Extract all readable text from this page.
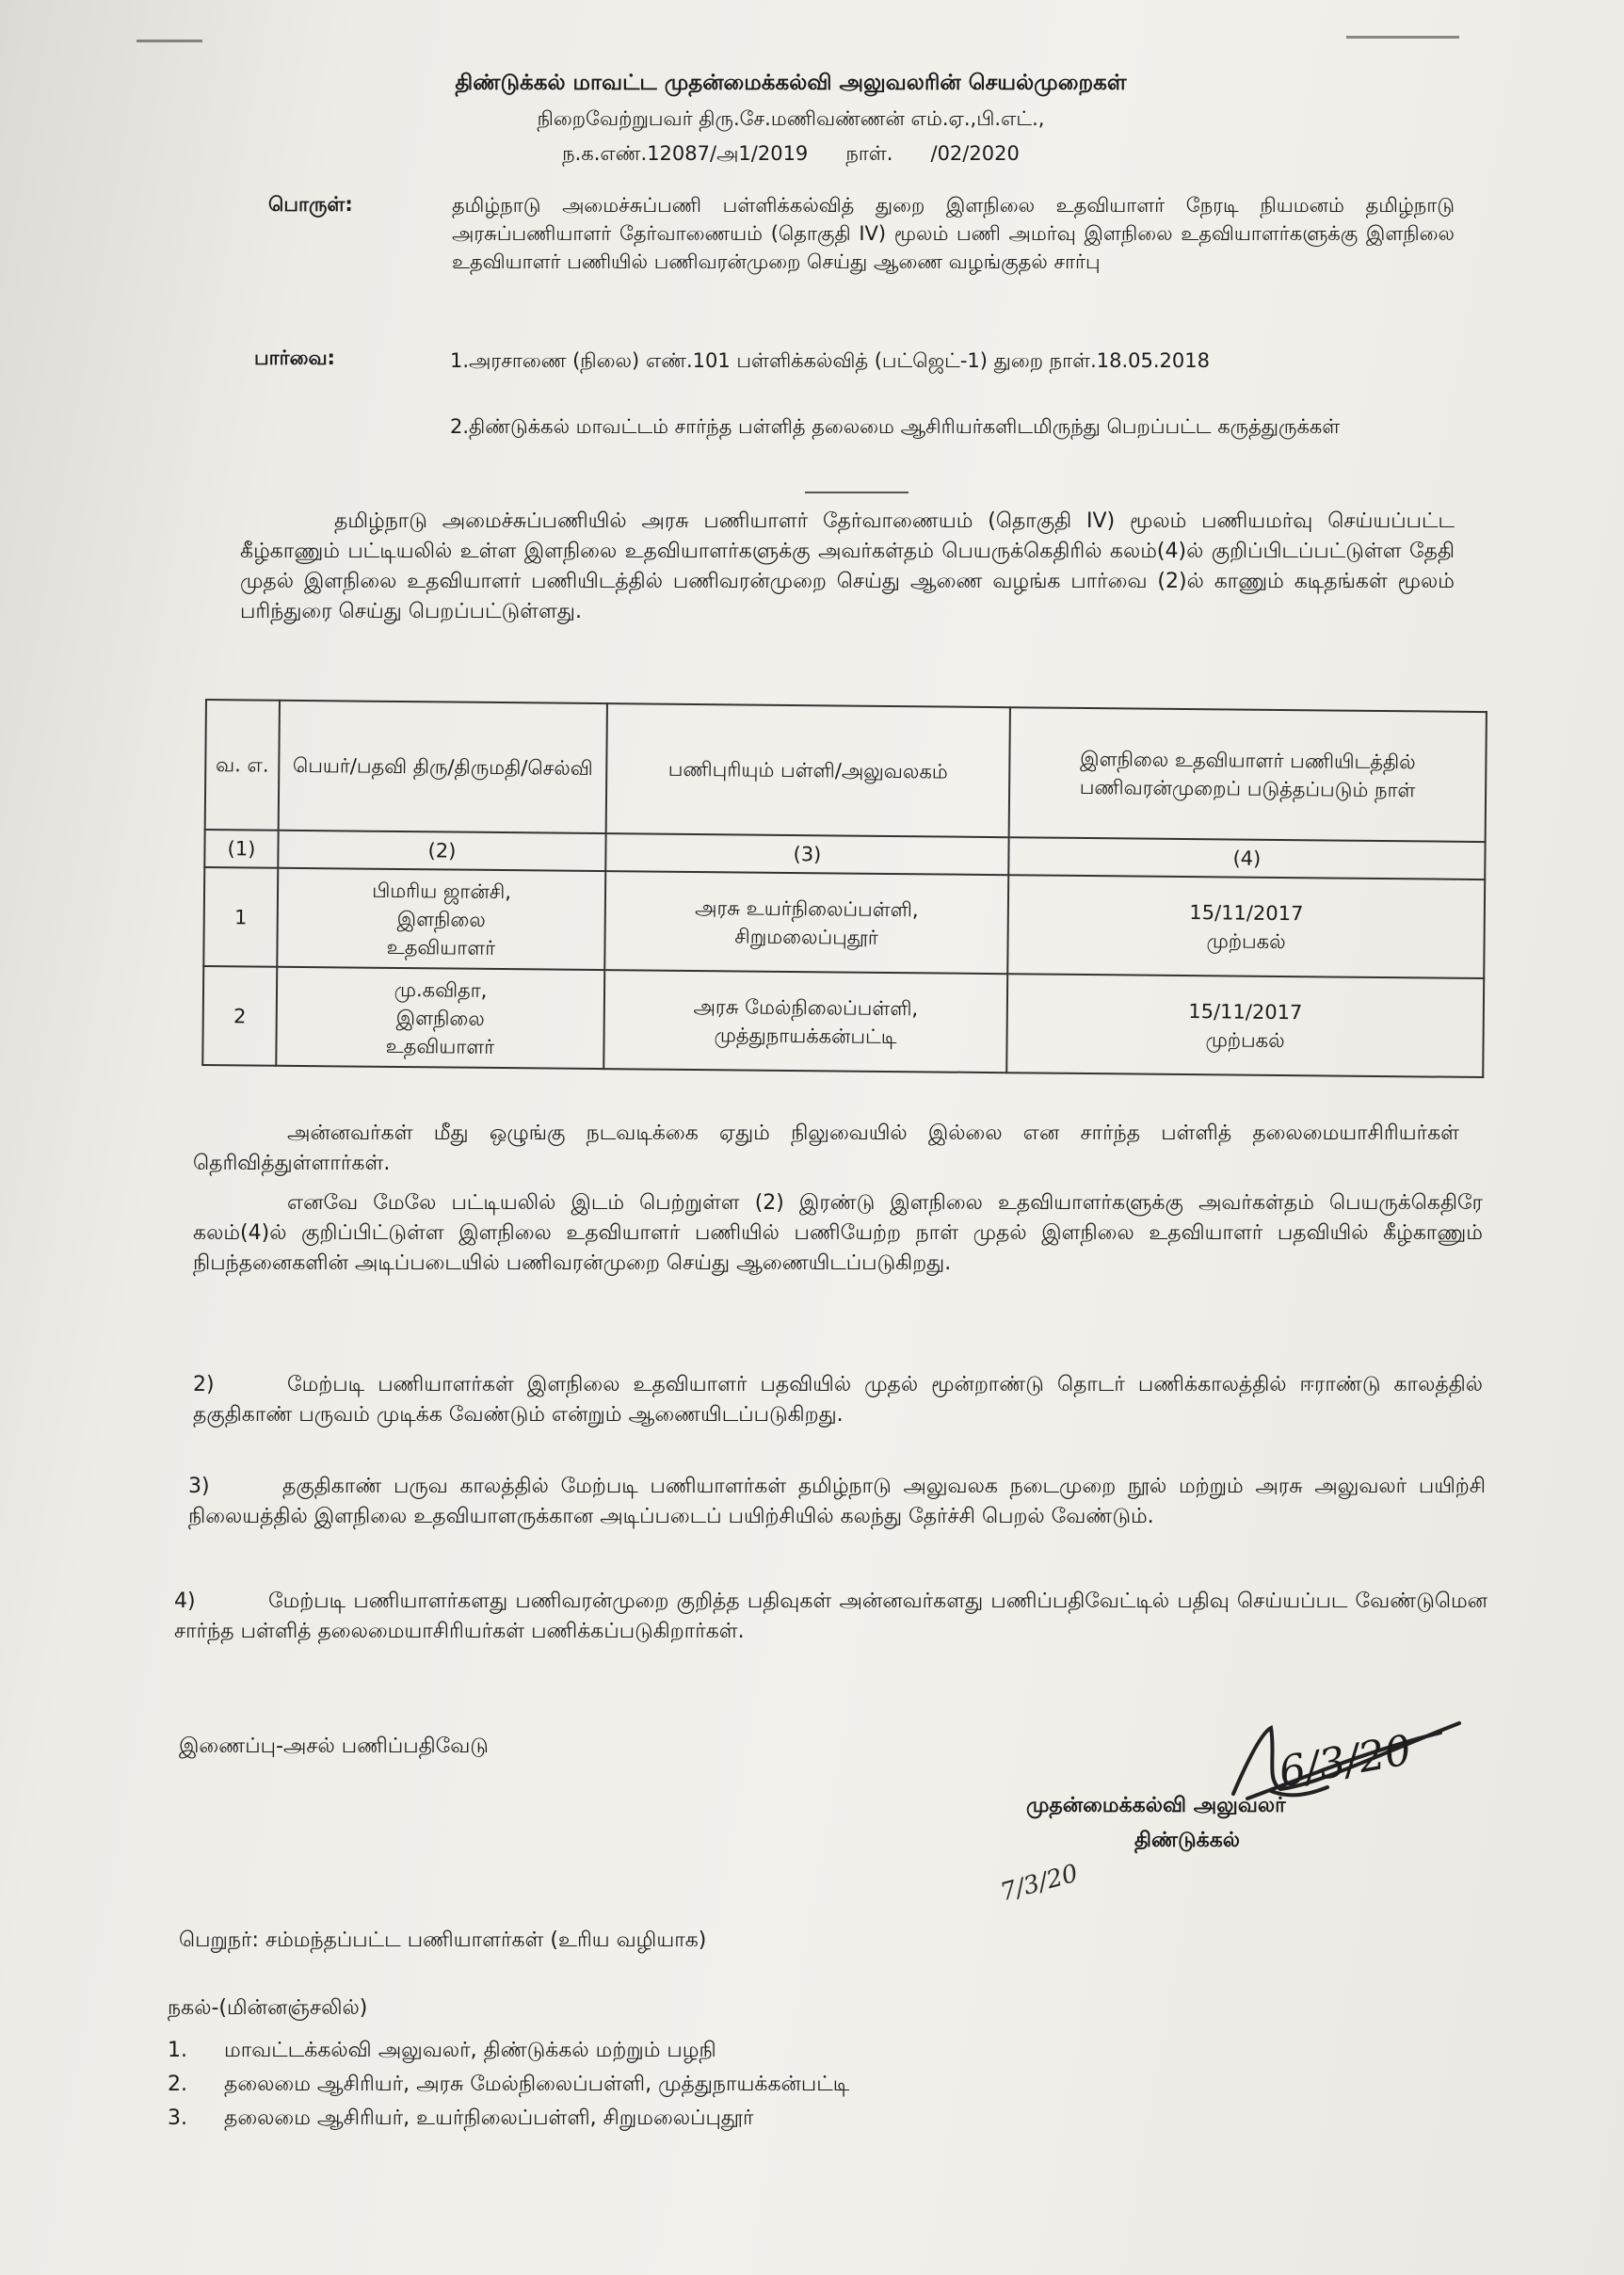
திண்டுக்கல் மாவட்ட முதன்மைக்கல்வி அலுவலரின் செயல்முறைகள்
நிறைவேற்றுபவர் திரு.சே.மணிவண்ணன் எம்.ஏ.,பி.எட்.,
ந.க.எண்.12087/அ1/2019 நாள். /02/2020
பொருள்:	தமிழ்நாடு அமைச்சுப்பணி பள்ளிக்கல்வித் துறை இளநிலை உதவியாளர் நேரடி நியமனம் தமிழ்நாடு அரசுப்பணியாளர் தேர்வாணையம் (தொகுதி IV) மூலம் பணி அமர்வு இளநிலை உதவியாளர்களுக்கு இளநிலை உதவியாளர் பணியில் பணிவரன்முறை செய்து ஆணை வழங்குதல் சார்பு
பார்வை:	1.அரசாணை (நிலை) எண்.101 பள்ளிக்கல்வித் (பட்ஜெட்-1) துறை நாள்.18.05.2018
2.திண்டுக்கல் மாவட்டம் சார்ந்த பள்ளித் தலைமை ஆசிரியர்களிடமிருந்து பெறப்பட்ட கருத்துருக்கள்
தமிழ்நாடு அமைச்சுப்பணியில் அரசு பணியாளர் தேர்வாணையம் (தொகுதி IV) மூலம் பணியமர்வு செய்யப்பட்ட கீழ்காணும் பட்டியலில் உள்ள இளநிலை உதவியாளர்களுக்கு அவர்கள்தம் பெயருக்கெதிரில் கலம்(4)ல் குறிப்பிடப்பட்டுள்ள தேதி முதல் இளநிலை உதவியாளர் பணியிடத்தில் பணிவரன்முறை செய்து ஆணை வழங்க பார்வை (2)ல் காணும் கடிதங்கள் மூலம் பரிந்துரை செய்து பெறப்பட்டுள்ளது.
வ. எ.	பெயர்/பதவி திரு/திருமதி/செல்வி	பணிபுரியும் பள்ளி/அலுவலகம்	இளநிலை உதவியாளர் பணியிடத்தில் பணிவரன்முறைப் படுத்தப்படும் நாள்
(1)	(2)	(3)	(4)
1	பிமரிய ஜான்சி,
இளநிலை
உதவியாளர்	அரசு உயர்நிலைப்பள்ளி,
சிறுமலைப்புதூர்	15/11/2017
முற்பகல்
2	மு.கவிதா,
இளநிலை
உதவியாளர்	அரசு மேல்நிலைப்பள்ளி,
முத்துநாயக்கன்பட்டி	15/11/2017
முற்பகல்
அன்னவர்கள் மீது ஒழுங்கு நடவடிக்கை ஏதும் நிலுவையில் இல்லை என சார்ந்த பள்ளித் தலைமையாசிரியர்கள் தெரிவித்துள்ளார்கள்.
எனவே மேலே பட்டியலில் இடம் பெற்றுள்ள (2) இரண்டு இளநிலை உதவியாளர்களுக்கு அவர்கள்தம் பெயருக்கெதிரே கலம்(4)ல் குறிப்பிட்டுள்ள இளநிலை உதவியாளர் பணியில் பணியேற்ற நாள் முதல் இளநிலை உதவியாளர் பதவியில் கீழ்காணும் நிபந்தனைகளின் அடிப்படையில் பணிவரன்முறை செய்து ஆணையிடப்படுகிறது.
2)	மேற்படி பணியாளர்கள் இளநிலை உதவியாளர் பதவியில் முதல் மூன்றாண்டு தொடர் பணிக்காலத்தில் ஈராண்டு காலத்தில் தகுதிகாண் பருவம் முடிக்க வேண்டும் என்றும் ஆணையிடப்படுகிறது.
3)	தகுதிகாண் பருவ காலத்தில் மேற்படி பணியாளர்கள் தமிழ்நாடு அலுவலக நடைமுறை நூல் மற்றும் அரசு அலுவலர் பயிற்சி நிலையத்தில் இளநிலை உதவியாளருக்கான அடிப்படைப் பயிற்சியில் கலந்து தேர்ச்சி பெறல் வேண்டும்.
4)	மேற்படி பணியாளர்களது பணிவரன்முறை குறித்த பதிவுகள் அன்னவர்களது பணிப்பதிவேட்டில் பதிவு செய்யப்பட வேண்டுமென சார்ந்த பள்ளித் தலைமையாசிரியர்கள் பணிக்கப்படுகிறார்கள்.
இணைப்பு-அசல் பணிப்பதிவேடு	6/3/20
முதன்மைக்கல்வி அலுவலர்
திண்டுக்கல்
7/3/20
பெறுநர்: சம்மந்தப்பட்ட பணியாளர்கள் (உரிய வழியாக)
நகல்-(மின்னஞ்சலில்)
1.	மாவட்டக்கல்வி அலுவலர், திண்டுக்கல் மற்றும் பழநி
2.	தலைமை ஆசிரியர், அரசு மேல்நிலைப்பள்ளி, முத்துநாயக்கன்பட்டி
3.	தலைமை ஆசிரியர், உயர்நிலைப்பள்ளி, சிறுமலைப்புதூர்
